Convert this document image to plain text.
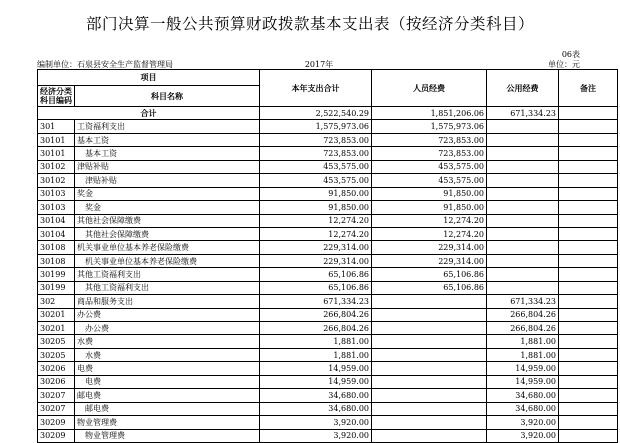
部门决算一般公共预算财政拨款基本支出表（按经济分类科目）
06表
编制单位：石泉县安全生产监督管理局	2017年	单位：元
项目		本年支出合计	人员经费	公用经费	备注
经济分类
科目编码	科目名称				
合计		2,522,540.29	1,851,206.06	671,334.23	
301	工资福利支出	1,575,973.06	1,575,973.06		
30101	基本工资	723,853.00	723,853.00		
30101	基本工资	723,853.00	723,853.00		
30102	津贴补贴	453,575.00	453,575.00		
30102	津贴补贴	453,575.00	453,575.00		
30103	奖金	91,850.00	91,850.00		
30103	奖金	91,850.00	91,850.00		
30104	其他社会保障缴费	12,274.20	12,274.20		
30104	其他社会保障缴费	12,274.20	12,274.20		
30108	机关事业单位基本养老保险缴费	229,314.00	229,314.00		
30108	机关事业单位基本养老保险缴费	229,314.00	229,314.00		
30199	其他工资福利支出	65,106.86	65,106.86		
30199	其他工资福利支出	65,106.86	65,106.86		
302	商品和服务支出	671,334.23		671,334.23	
30201	办公费	266,804.26		266,804.26	
30201	办公费	266,804.26		266,804.26	
30205	水费	1,881.00		1,881.00	
30205	水费	1,881.00		1,881.00	
30206	电费	14,959.00		14,959.00	
30206	电费	14,959.00		14,959.00	
30207	邮电费	34,680.00		34,680.00	
30207	邮电费	34,680.00		34,680.00	
30209	物业管理费	3,920.00		3,920.00	
30209	物业管理费	3,920.00		3,920.00	
